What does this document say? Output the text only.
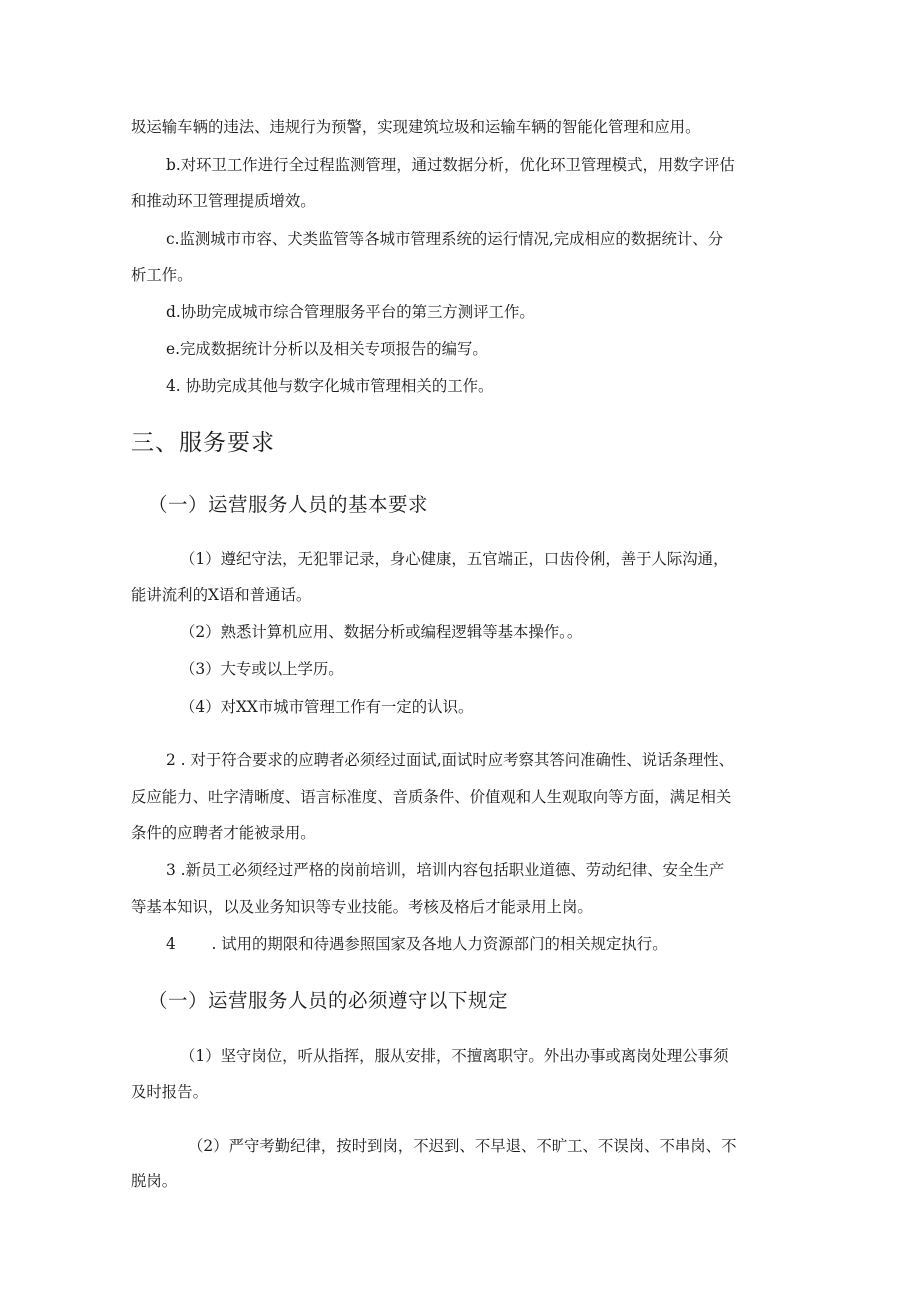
圾运输车辆的违法、违规行为预警，实现建筑垃圾和运输车辆的智能化管理和应用。
b.对环卫工作进行全过程监测管理，通过数据分析，优化环卫管理模式，用数字评估
和推动环卫管理提质增效。
c.监测城市市容、犬类监管等各城市管理系统的运行情况,完成相应的数据统计、分
析工作。
d.协助完成城市综合管理服务平台的第三方测评工作。
e.完成数据统计分析以及相关专项报告的编写。
4. 协助完成其他与数字化城市管理相关的工作。
三、服务要求
（一）运营服务人员的基本要求
（1）遵纪守法，无犯罪记录，身心健康，五官端正，口齿伶俐，善于人际沟通，
能讲流利的X语和普通话。
（2）熟悉计算机应用、数据分析或编程逻辑等基本操作。。
（3）大专或以上学历。
（4）对XX市城市管理工作有一定的认识。
2 . 对于符合要求的应聘者必须经过面试,面试时应考察其答问准确性、说话条理性、
反应能力、吐字清晰度、语言标准度、音质条件、价值观和人生观取向等方面，满足相关
条件的应聘者才能被录用。
3 .新员工必须经过严格的岗前培训，培训内容包括职业道德、劳动纪律、安全生产
等基本知识，以及业务知识等专业技能。考核及格后才能录用上岗。
4 　　. 试用的期限和待遇参照国家及各地人力资源部门的相关规定执行。
（一）运营服务人员的必须遵守以下规定
（1）坚守岗位，听从指挥，服从安排，不擅离职守。外出办事或离岗处理公事须
及时报告。
（2）严守考勤纪律，按时到岗，不迟到、不早退、不旷工、不误岗、不串岗、不
脱岗。
